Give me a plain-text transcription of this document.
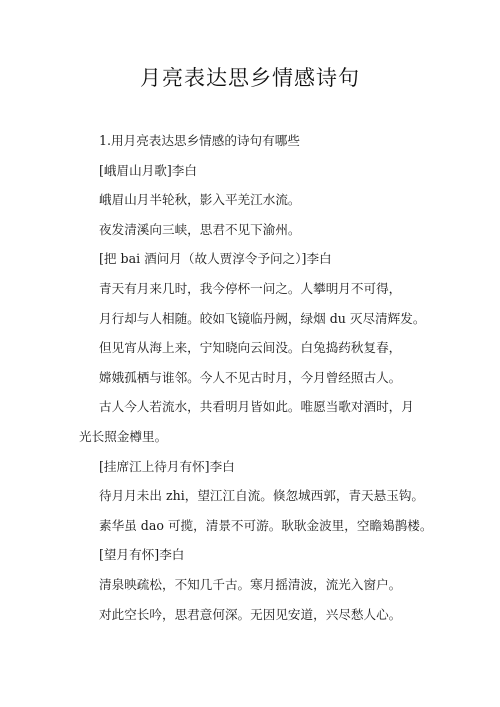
月亮表达思乡情感诗句

1.用月亮表达思乡情感的诗句有哪些

[峨眉山月歌]李白

峨眉山月半轮秋，影入平羌江水流。

夜发清溪向三峡，思君不见下渝州。

[把 bai 酒问月（故人贾淳令予问之）]李白

青天有月来几时，我今停杯一问之。人攀明月不可得，

月行却与人相随。皎如飞镜临丹阙，绿烟 du 灭尽清辉发。

但见宵从海上来，宁知晓向云间没。白兔捣药秋复春，

嫦娥孤栖与谁邻。今人不见古时月，今月曾经照古人。

古人今人若流水，共看明月皆如此。唯愿当歌对酒时，月光长照金樽里。

[挂席江上待月有怀]李白

待月月未出 zhi，望江江自流。倏忽城西郭，青天悬玉钩。

素华虽 dao 可揽，清景不可游。耿耿金波里，空瞻鳷鹊楼。

[望月有怀]李白

清泉映疏松，不知几千古。寒月摇清波，流光入窗户。

对此空长吟，思君意何深。无因见安道，兴尽愁人心。
